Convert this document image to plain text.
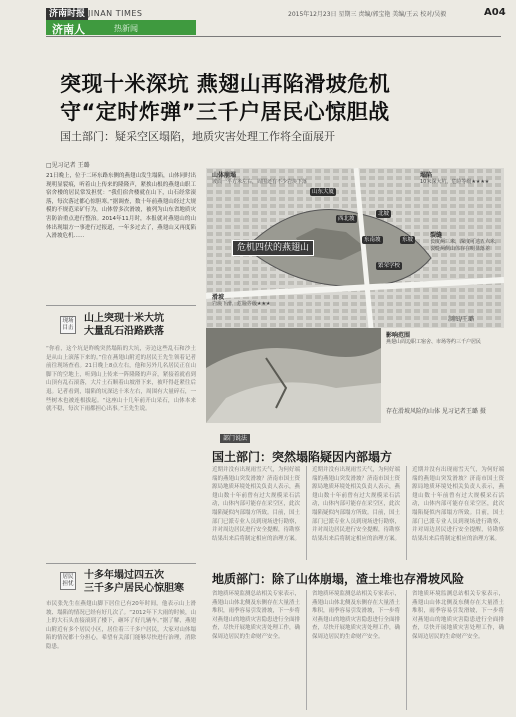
济南时报 JINAN TIMES	2015年12月23日 星期三 责编/郭宝艳 美编/王云 校对/吴毅	A04
济南人	热新闻
突现十米深坑 燕翅山再陷滑坡危机
守“定时炸弹”三千户居民心惊胆战
国土部门：疑采空区塌陷，地质灾害处理工作将全面展开
□见习记者 王璐
21日晚上，位于二环东路东侧的燕翅山发生塌陷，山体同时出现明显裂痕，听着山上传来的隆隆声，紧挨山根的燕翅山职工宿舍楼的居民常发担忧：“我们宿舍楼就在山下，山石经常滚落，每次落过都心惊胆寒。”据调查，数十年前燕翅山经过大规模的不规范采矿行为，山体曾多次滑坡，被列为山东省地质灾害防治重点进行整治。2014年11月时，本报就对燕翅山的山体出现塌方一事进行过报道，一年多过去了，燕翅山又再度陷入滑坡危机……
现场目击
山上突现十米大坑
大量乱石沿路跌落
“你看，这个坑是昨晚突然塌陷的大坑，旁边这些乱石和沙土是从山上滚落下来的。”住在燕翅山附近的居民王先生领着记者前往现场查看。21日晚上8点左右，他和另外几名居民正在山脚下的空地上，听到山上传来一阵隆隆的声音，紧接着就看到山顶有乱石滚落，大片土石顺着山坡滑下来，被吓得赶紧往后退。记者看到，塌陷的坑深达十米左右，周围有大量碎石，一些树木也被连根拔起。“这座山十几年前开山采石，山体本来就不稳，每次下雨都担心出事。”王先生说。
居民担忧
十多年塌过四五次
三千多户居民心惊胆寒
市民张先生在燕翅山脚下居住已有20年时间，他表示山上滑坡、塌陷的情况已经有好几次了。“2012年下大雨的时候，山上的大石头直接滚到了楼下，砸坏了好几辆车。”据了解，燕翅山附近有多个居民小区，居住着三千多户居民，大家对山体塌陷的情况都十分担心，希望有关部门能够尽快进行治理，消除隐患。
危机四伏的燕翅山
山东大厦
西北坡
东南坡
北坡
东坡
繁荣学校
山体崩塌
坡面一平方米左右，周围还有不少岩块下落
塌陷
10米深大坑，危险等级★★★★
裂缝
长度两三米，深度可达五六米，裂缝两侧山体存在明显落差
滑坡
岩块下滑，危险等级★★★
影响范围
燕翅山周边职工宿舍、市场等约三千户居民
存在滑坡风险的山体 见习记者王璐 摄
制图/王璐
部门说法
国土部门：突然塌陷疑因内部塌方
近期并没有出现雨雪天气，为何好端端的燕翅山突发滑坡？济南市国土资源局地质环境处相关负责人表示，燕翅山数十年前曾有过大规模采石活动，山体内部可能存在采空区，此次塌陷疑似内部塌方所致。目前，国土部门已派专业人员到现场进行勘察，并对周边居民进行安全提醒，待勘察结果出来后将制定相应的治理方案。
近期并没有出现雨雪天气，为何好端端的燕翅山突发滑坡？济南市国土资源局地质环境处相关负责人表示，燕翅山数十年前曾有过大规模采石活动，山体内部可能存在采空区，此次塌陷疑似内部塌方所致。目前，国土部门已派专业人员到现场进行勘察，并对周边居民进行安全提醒，待勘察结果出来后将制定相应的治理方案。
近期并没有出现雨雪天气，为何好端端的燕翅山突发滑坡？济南市国土资源局地质环境处相关负责人表示，燕翅山数十年前曾有过大规模采石活动，山体内部可能存在采空区，此次塌陷疑似内部塌方所致。目前，国土部门已派专业人员到现场进行勘察，并对周边居民进行安全提醒，待勘察结果出来后将制定相应的治理方案。
地质部门：除了山体崩塌，渣土堆也存滑坡风险
省地质环境监测总站相关专家表示，燕翅山山体北侧及东侧存在大量渣土堆积，雨季容易引发滑坡，下一步将对燕翅山的地质灾害隐患进行全面排查，尽快开展地质灾害处理工作，确保周边居民的生命财产安全。
省地质环境监测总站相关专家表示，燕翅山山体北侧及东侧存在大量渣土堆积，雨季容易引发滑坡，下一步将对燕翅山的地质灾害隐患进行全面排查，尽快开展地质灾害处理工作，确保周边居民的生命财产安全。
省地质环境监测总站相关专家表示，燕翅山山体北侧及东侧存在大量渣土堆积，雨季容易引发滑坡，下一步将对燕翅山的地质灾害隐患进行全面排查，尽快开展地质灾害处理工作，确保周边居民的生命财产安全。
